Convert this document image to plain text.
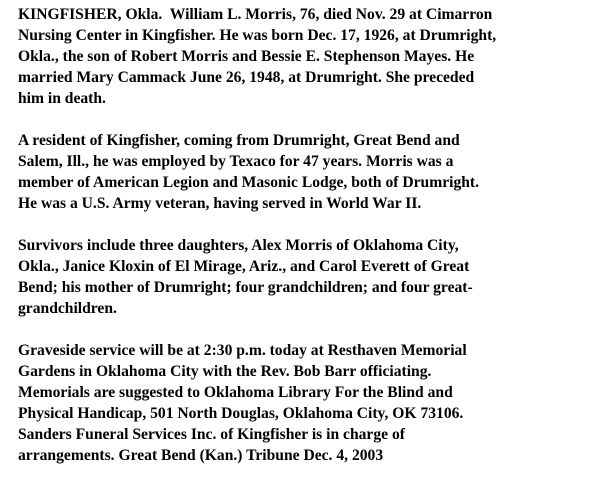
KINGFISHER, Okla.  William L. Morris, 76, died Nov. 29 at Cimarron
Nursing Center in Kingfisher. He was born Dec. 17, 1926, at Drumright,
Okla., the son of Robert Morris and Bessie E. Stephenson Mayes. He
married Mary Cammack June 26, 1948, at Drumright. She preceded
him in death.

A resident of Kingfisher, coming from Drumright, Great Bend and
Salem, Ill., he was employed by Texaco for 47 years. Morris was a
member of American Legion and Masonic Lodge, both of Drumright.
He was a U.S. Army veteran, having served in World War II.

Survivors include three daughters, Alex Morris of Oklahoma City,
Okla., Janice Kloxin of El Mirage, Ariz., and Carol Everett of Great
Bend; his mother of Drumright; four grandchildren; and four great-
grandchildren.

Graveside service will be at 2:30 p.m. today at Resthaven Memorial
Gardens in Oklahoma City with the Rev. Bob Barr officiating.
Memorials are suggested to Oklahoma Library For the Blind and
Physical Handicap, 501 North Douglas, Oklahoma City, OK 73106.
Sanders Funeral Services Inc. of Kingfisher is in charge of
arrangements. Great Bend (Kan.) Tribune Dec. 4, 2003
